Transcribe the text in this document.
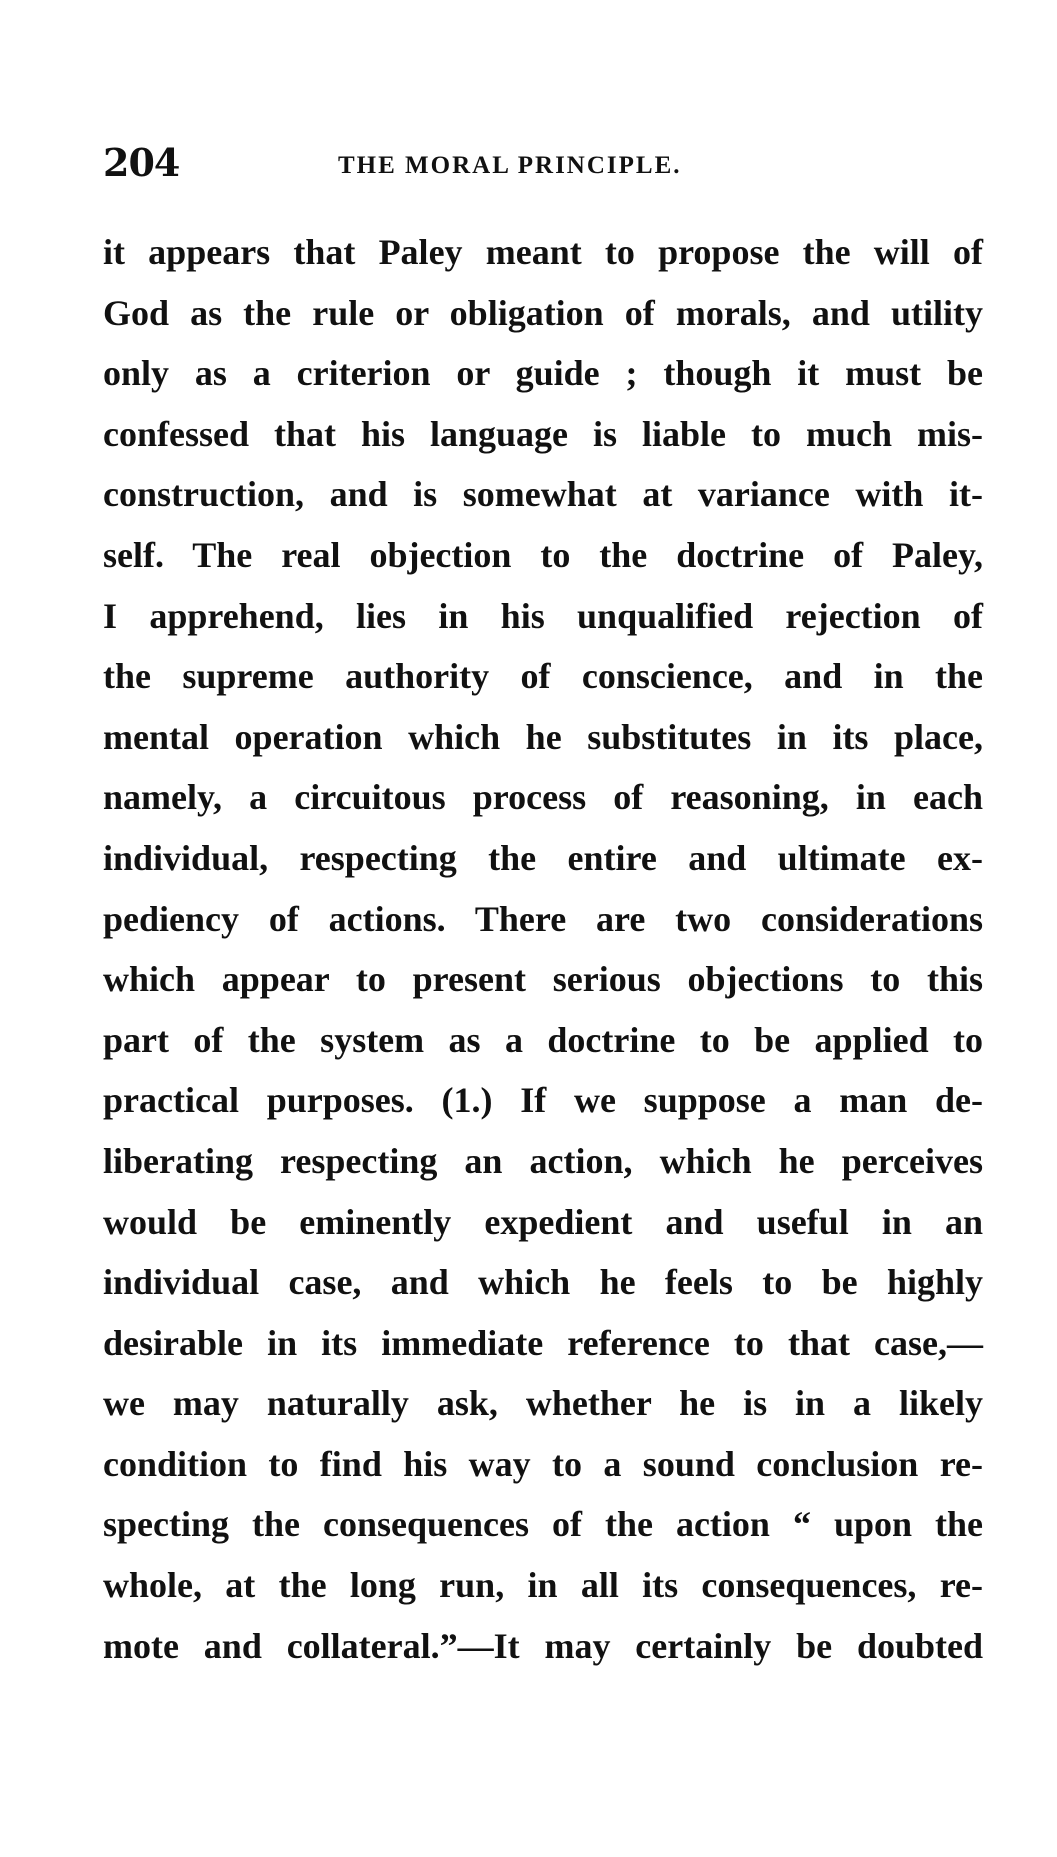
204	THE MORAL PRINCIPLE.
it appears that Paley meant to propose the will of
God as the rule or obligation of morals, and utility
only as a criterion or guide ; though it must be
confessed that his language is liable to much mis-
construction, and is somewhat at variance with it-
self. The real objection to the doctrine of Paley,
I apprehend, lies in his unqualified rejection of
the supreme authority of conscience, and in the
mental operation which he substitutes in its place,
namely, a circuitous process of reasoning, in each
individual, respecting the entire and ultimate ex-
pediency of actions. There are two considerations
which appear to present serious objections to this
part of the system as a doctrine to be applied to
practical purposes. (1.) If we suppose a man de-
liberating respecting an action, which he perceives
would be eminently expedient and useful in an
individual case, and which he feels to be highly
desirable in its immediate reference to that case,—
we may naturally ask, whether he is in a likely
condition to find his way to a sound conclusion re-
specting the consequences of the action “ upon the
whole, at the long run, in all its consequences, re-
mote and collateral.”—It may certainly be doubted
